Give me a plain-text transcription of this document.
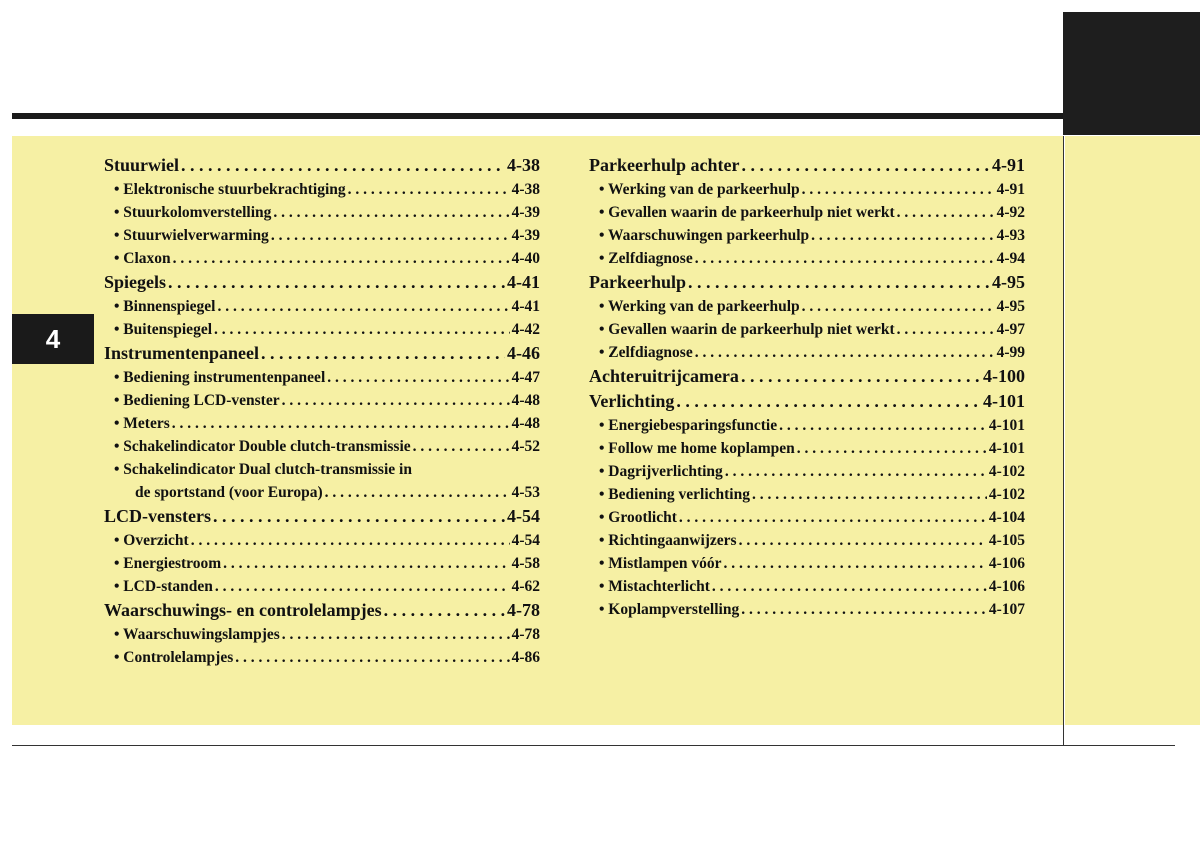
4
Stuurwiel . . .	4-38
• Elektronische stuurbekrachtiging . . .	4-38
• Stuurkolomverstelling . . .	4-39
• Stuurwielverwarming . . .	4-39
• Claxon . . .	4-40
Spiegels . . .	4-41
• Binnenspiegel . . .	4-41
• Buitenspiegel . . .	4-42
Instrumentenpaneel . . .	4-46
• Bediening instrumentenpaneel . . .	4-47
• Bediening LCD-venster . . .	4-48
• Meters . . .	4-48
• Schakelindicator Double clutch-transmissie . . .	4-52
• Schakelindicator Dual clutch-transmissie in
de sportstand (voor Europa) . . .	4-53
LCD-vensters . . .	4-54
• Overzicht . . .	4-54
• Energiestroom . . .	4-58
• LCD-standen . . .	4-62
Waarschuwings- en controlelampjes . . .	4-78
• Waarschuwingslampjes . . .	4-78
• Controlelampjes . . .	4-86
Parkeerhulp achter . . .	4-91
• Werking van de parkeerhulp . . .	4-91
• Gevallen waarin de parkeerhulp niet werkt . . .	4-92
• Waarschuwingen parkeerhulp . . .	4-93
• Zelfdiagnose . . .	4-94
Parkeerhulp . . .	4-95
• Werking van de parkeerhulp . . .	4-95
• Gevallen waarin de parkeerhulp niet werkt . . .	4-97
• Zelfdiagnose . . .	4-99
Achteruitrijcamera . . .	4-100
Verlichting . . .	4-101
• Energiebesparingsfunctie . . .	4-101
• Follow me home koplampen . . .	4-101
• Dagrijverlichting . . .	4-102
• Bediening verlichting . . .	4-102
• Grootlicht . . .	4-104
• Richtingaanwijzers . . .	4-105
• Mistlampen vóór . . .	4-106
• Mistachterlicht . . .	4-106
• Koplampverstelling . . .	4-107
